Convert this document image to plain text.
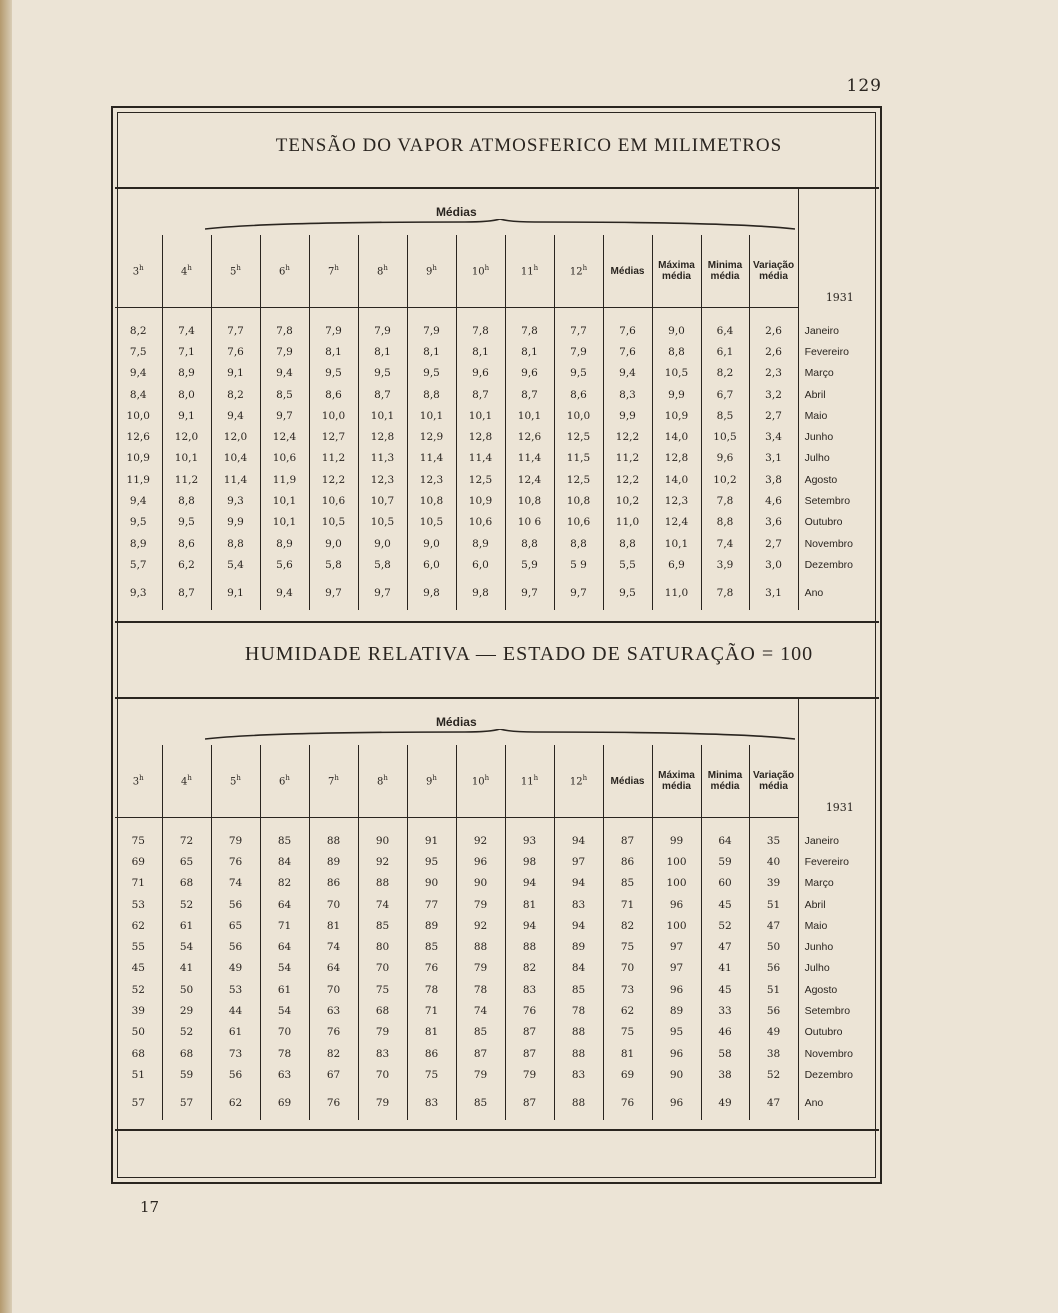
129
TENSÃO DO VAPOR ATMOSFERICO EM MILIMETROS
Médias														1931
3$^h$	4$^h$	5$^h$	6$^h$	7$^h$	8$^h$	9$^h$	10$^h$	11$^h$	12$^h$	Médias	Máxima média	Minima média	Variação média	

8,2	7,4	7,7	7,8	7,9	7,9	7,9	7,8	7,8	7,7	7,6	9,0	6,4	2,6	Janeiro
7,5	7,1	7,6	7,9	8,1	8,1	8,1	8,1	8,1	7,9	7,6	8,8	6,1	2,6	Fevereiro
9,4	8,9	9,1	9,4	9,5	9,5	9,5	9,6	9,6	9,5	9,4	10,5	8,2	2,3	Março
8,4	8,0	8,2	8,5	8,6	8,7	8,8	8,7	8,7	8,6	8,3	9,9	6,7	3,2	Abril
10,0	9,1	9,4	9,7	10,0	10,1	10,1	10,1	10,1	10,0	9,9	10,9	8,5	2,7	Maio
12,6	12,0	12,0	12,4	12,7	12,8	12,9	12,8	12,6	12,5	12,2	14,0	10,5	3,4	Junho
10,9	10,1	10,4	10,6	11,2	11,3	11,4	11,4	11,4	11,5	11,2	12,8	9,6	3,1	Julho
11,9	11,2	11,4	11,9	12,2	12,3	12,3	12,5	12,4	12,5	12,2	14,0	10,2	3,8	Agosto
9,4	8,8	9,3	10,1	10,6	10,7	10,8	10,9	10,8	10,8	10,2	12,3	7,8	4,6	Setembro
9,5	9,5	9,9	10,1	10,5	10,5	10,5	10,6	10 6	10,6	11,0	12,4	8,8	3,6	Outubro
8,9	8,6	8,8	8,9	9,0	9,0	9,0	8,9	8,8	8,8	8,8	10,1	7,4	2,7	Novembro
5,7	6,2	5,4	5,6	5,8	5,8	6,0	6,0	5,9	5 9	5,5	6,9	3,9	3,0	Dezembro
9,3	8,7	9,1	9,4	9,7	9,7	9,8	9,8	9,7	9,7	9,5	11,0	7,8	3,1	Ano
HUMIDADE RELATIVA — ESTADO DE SATURAÇÃO = 100
Médias														1931
3$^h$	4$^h$	5$^h$	6$^h$	7$^h$	8$^h$	9$^h$	10$^h$	11$^h$	12$^h$	Médias	Máxima média	Minima média	Variação média	

75	72	79	85	88	90	91	92	93	94	87	99	64	35	Janeiro
69	65	76	84	89	92	95	96	98	97	86	100	59	40	Fevereiro
71	68	74	82	86	88	90	90	94	94	85	100	60	39	Março
53	52	56	64	70	74	77	79	81	83	71	96	45	51	Abril
62	61	65	71	81	85	89	92	94	94	82	100	52	47	Maio
55	54	56	64	74	80	85	88	88	89	75	97	47	50	Junho
45	41	49	54	64	70	76	79	82	84	70	97	41	56	Julho
52	50	53	61	70	75	78	78	83	85	73	96	45	51	Agosto
39	29	44	54	63	68	71	74	76	78	62	89	33	56	Setembro
50	52	61	70	76	79	81	85	87	88	75	95	46	49	Outubro
68	68	73	78	82	83	86	87	87	88	81	96	58	38	Novembro
51	59	56	63	67	70	75	79	79	83	69	90	38	52	Dezembro
57	57	62	69	76	79	83	85	87	88	76	96	49	47	Ano
17
